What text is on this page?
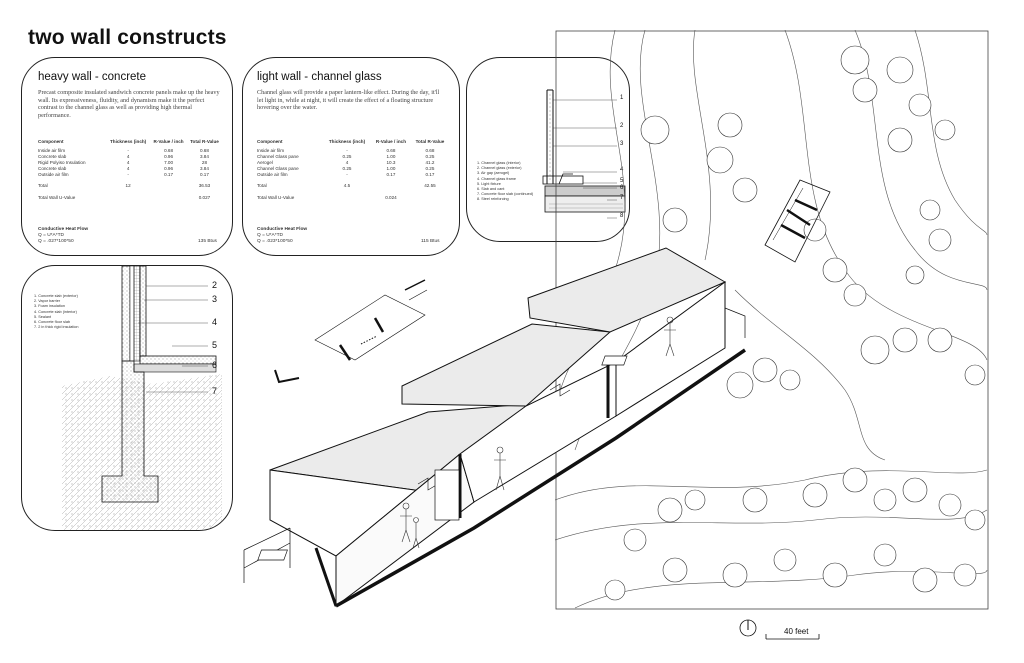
two wall constructs
heavy wall - concrete
Precast composite insulated sandwich concrete panels make up the heavy wall. Its expressiveness, fluidity, and dynamism make it the perfect contrast to the channel glass as well as providing high thermal performance.
Component	Thickness (inch)	R-Value / inch	Total R-Value
Inside air film	-	0.68	0.68
Concrete slab	4	0.96	3.84
Rigid Polyiso Insulation	4	7.00	28
Concrete slab	4	0.96	3.84
Outside air film	-	0.17	0.17
Total	12		36.53
Total Wall U-Value			0.027
Conductive Heat Flow
Q = U*A*TD
Q = .027*100*50	135 Btus
light wall - channel glass
Channel glass will provide a paper lantern-like effect. During the day, it'll let light in, while at night, it will create the effect of a floating structure hovering over the water.
Component	Thickness (inch)	R-Value / inch	Total R-Value
Inside air film	-	0.68	0.68
Channel Glass pane	0.25	1.00	0.25
Aerogel	4	10.3	41.2
Channel Glass pane	0.25	1.00	0.25
Outside air film	-	0.17	0.17
Total	4.5		42.55
Total Wall U-Value		0.024	
Conductive Heat Flow
Q = U*A*TD
Q = .023*100*50	115 Btus
1
2
3
4
5
6
7
8
1. Channel glass (interior)
2. Channel glass (exterior)
3. Air gap (aerogel)
4. Channel glass frame
5. Light fixture
6. Slab and cant
7. Concrete floor slab (continued)
8. Steel reinforcing
2
3
4
5
6
7
1. Concrete slab (exterior)
2. Vapor barrier
3. Foam insulation
4. Concrete slab (interior)
5. Sealant
6. Concrete floor slab
7. 2 in thick rigid insulation
40 feet
